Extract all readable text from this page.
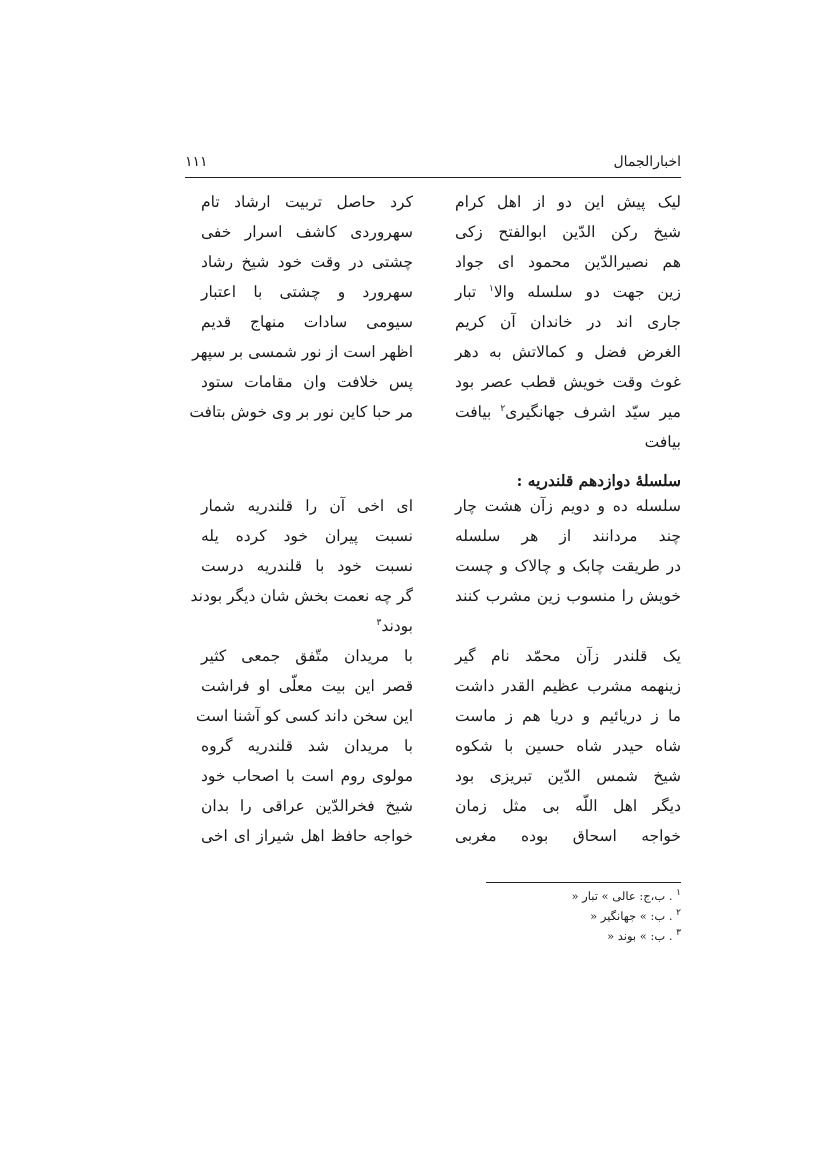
اخبارالجمال
۱۱۱
لیک پیش این دو از اهل کرام
شیخ رکن الدّین ابوالفتح زکی
هم نصیرالدّین محمود ای جواد
زین جهت دو سلسله والا$^۱$ تبار
جاری اند در خاندان آن کریم
الغرض فضل و کمالاتش به دهر
غوث وقت خویش قطب عصر بود
میر سیّد اشرف جهانگیری$^۲$ بیافت
بیافت
کرد حاصل تربیت ارشاد تام
سهروردی کاشف اسرار خفی
چشتی در وقت خود شیخ رشاد
سهرورد و چشتی با اعتبار
سیومی سادات منهاج قدیم
اظهر است از نور شمسی بر سپهر
پس خلافت وان مقامات ستود
مر حبا کاین نور بر وی خوش بتافت
سلسلهٔ دوازدهم قلندریه :
سلسله ده و دویم زآن هشت چار
چند مردانند از هر سلسله
در طریقت چابک و چالاک و چست
خویش را منسوب زین مشرب کنند
ای اخی آن را قلندریه شمار
نسبت پیران خود کرده یله
نسبت خود با قلندریه درست
گر چه نعمت بخش شان دیگر بودند
بودند$^۳$
یک قلندر زآن محمّد نام گیر
زینهمه مشرب عظیم القدر داشت
ما ز دریائیم و دریا هم ز ماست
شاه حیدر شاه حسین با شکوه
شیخ شمس الدّین تبریزی بود
دیگر اهل اللّه بی مثل زمان
خواجه اسحاق بوده مغربی
با مریدان متّفق جمعی کثیر
قصر این بیت معلّی او فراشت
این سخن داند کسی کو آشنا است
با مریدان شد قلندریه گروه
مولوی روم است با اصحاب خود
شیخ فخرالدّین عراقی را بدان
خواجه حافظ اهل شیراز ای اخی
$^۱$ . ب،ج: عالی » تبار «
$^۲$ . ب: » جهانگیر «
$^۳$ . ب: » بوند «
